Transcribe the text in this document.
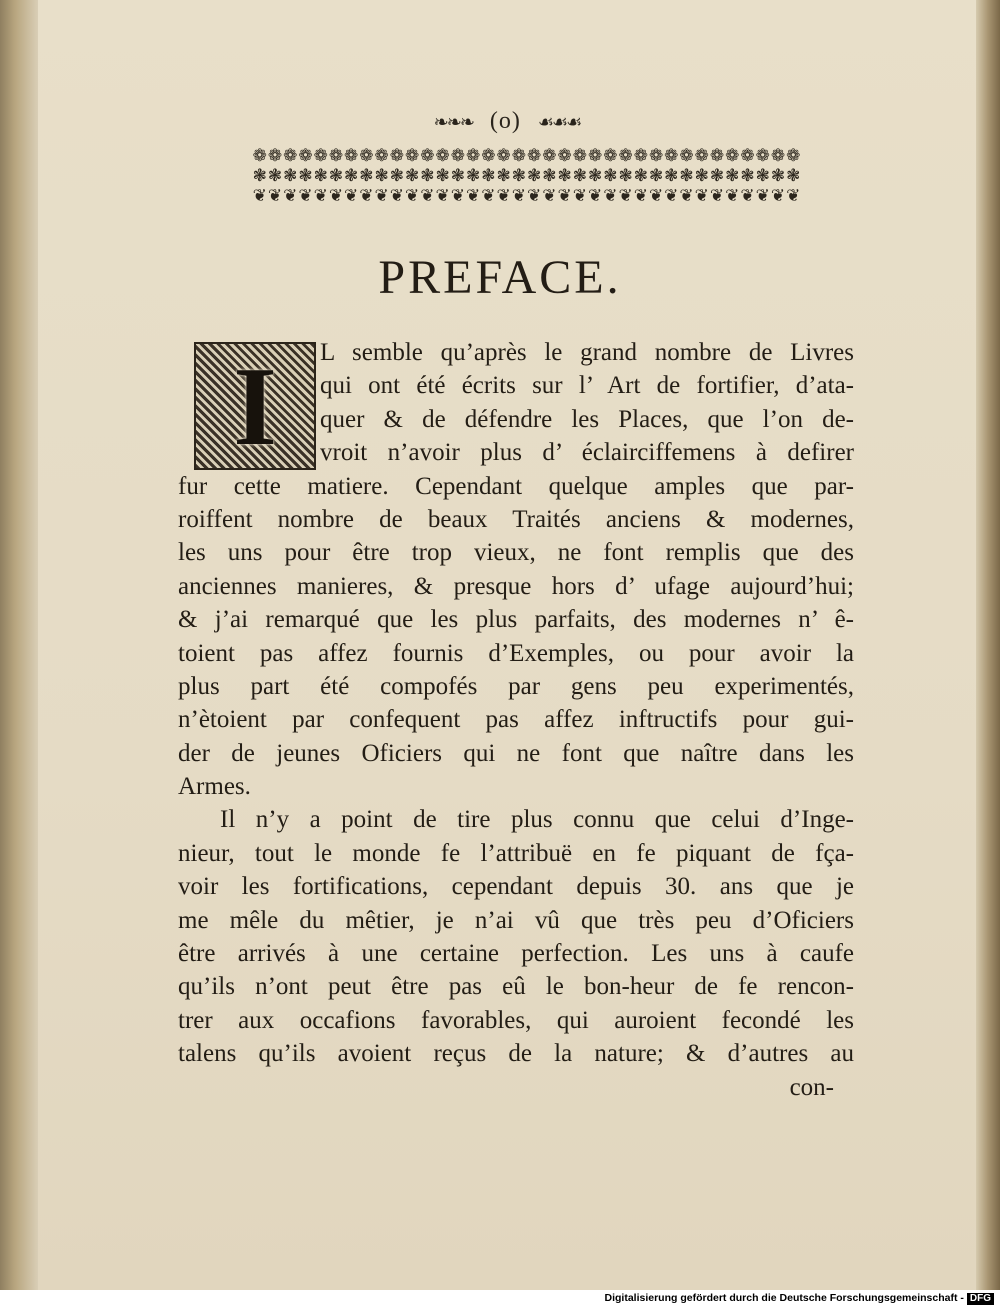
❧❧❧ (o) ☙☙☙
❁❁❁❁❁❁❁❁❁❁❁❁❁❁❁❁❁❁❁❁❁❁❁❁❁❁❁❁❁❁❁❁❁❁❁❁
❃❃❃❃❃❃❃❃❃❃❃❃❃❃❃❃❃❃❃❃❃❃❃❃❃❃❃❃❃❃❃❃❃❃❃❃
❦❦❦❦❦❦❦❦❦❦❦❦❦❦❦❦❦❦❦❦❦❦❦❦❦❦❦❦❦❦❦❦❦❦❦❦
PREFACE.
I	L semble qu’après le grand nombre de Livres
qui ont été écrits sur l’ Art de fortifier, d’ata-
quer & de défendre les Places, que l’on de-
vroit n’avoir plus d’ éclairciffemens à defirer
fur cette matiere. Cependant quelque amples que par-
roiffent nombre de beaux Traités anciens & modernes,
les uns pour être trop vieux, ne font remplis que des
anciennes manieres, & presque hors d’ ufage aujourd’hui;
& j’ai remarqué que les plus parfaits, des modernes n’ ê-
toient pas affez fournis d’Exemples, ou pour avoir la
plus part été compofés par gens peu experimentés,
n’ètoient par confequent pas affez inftructifs pour gui-
der de jeunes Oficiers qui ne font que naître dans les
Armes.
Il n’y a point de tire plus connu que celui d’Inge-
nieur, tout le monde fe l’attribuë en fe piquant de fça-
voir les fortifications, cependant depuis 30. ans que je
me mêle du mêtier, je n’ai vû que très peu d’Oficiers
être arrivés à une certaine perfection. Les uns à caufe
qu’ils n’ont peut être pas eû le bon-heur de fe rencon-
trer aux occafions favorables, qui auroient fecondé les
talens qu’ils avoient reçus de la nature; & d’autres au
con-
Digitalisierung gefördert durch die Deutsche Forschungsgemeinschaft - DFG
